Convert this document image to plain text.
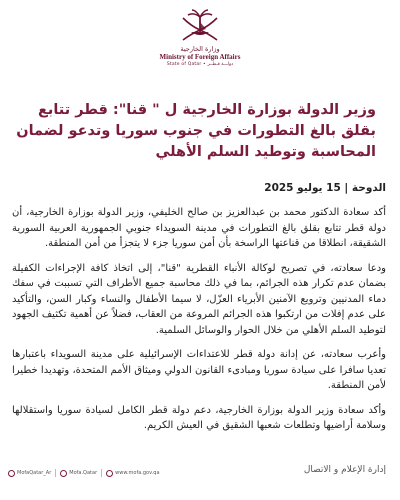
وزارة الخارجية
Ministry of Foreign Affairs
State of Qatar • دولـــة قـطــر
وزير الدولة بوزارة الخارجية ل " قنا": قطر تتابع بقلق بالغ التطورات في جنوب سوريا وتدعو لضمان المحاسبة وتوطيد السلم الأهلي
الدوحة | 15 يوليو 2025

أكد سعادة الدكتور محمد بن عبدالعزيز بن صالح الخليفي، وزير الدولة بوزارة الخارجية، أن دولة قطر تتابع بقلق بالغ التطورات في مدينة السويداء جنوبي الجمهورية العربية السورية الشقيقة، انطلاقا من قناعتها الراسخة بأن أمن سوريا جزء لا يتجزأ من أمن المنطقة.

ودعا سعادته، في تصريح لوكالة الأنباء القطرية "قنا"، إلى اتخاذ كافة الإجراءات الكفيلة بضمان عدم تكرار هذه الجرائم، بما في ذلك محاسبة جميع الأطراف التي تسببت في سفك دماء المدنيين وترويع الآمنين الأبرياء العزّل، لا سيما الأطفال والنساء وكبار السن، والتأكيد على عدم إفلات من ارتكبوا هذه الجرائم المروعة من العقاب، فضلاً عن أهمية تكثيف الجهود لتوطيد السلم الأهلي من خلال الحوار والوسائل السلمية.

وأعرب سعادته، عن إدانة دولة قطر للاعتداءات الإسرائيلية على مدينة السويداء باعتبارها تعديا سافرا على سيادة سوريا ومبادىء القانون الدولي وميثاق الأمم المتحدة، وتهديدا خطيرا لأمن المنطقة.

وأكد سعادة وزير الدولة بوزارة الخارجية، دعم دولة قطر الكامل لسيادة سوريا واستقلالها وسلامة أراضيها وتطلعات شعبها الشقيق في العيش الكريم.

MofaQatar_Ar	Mofa.Qatar	www.mofa.gov.qa	إدارة الإعلام و الاتصال
